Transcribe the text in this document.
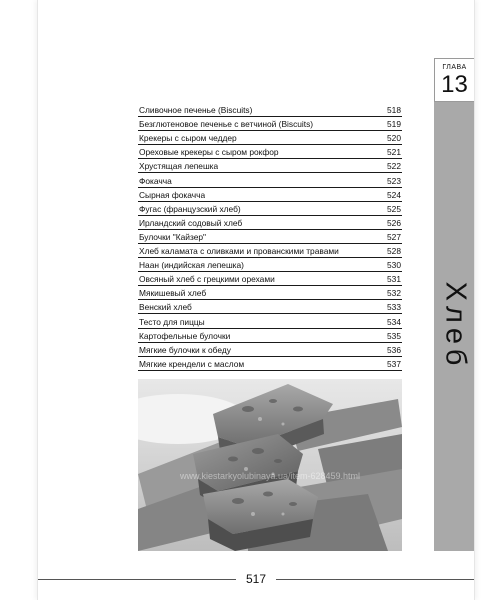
Сливочное печенье (Biscuits)	518
Безглютеновое печенье с ветчиной (Biscuits)	519
Крекеры с сыром чеддер	520
Ореховые крекеры с сыром рокфор	521
Хрустящая лепешка	522
Фокачча	523
Сырная фокачча	524
Фугас (французский хлеб)	525
Ирландский содовый хлеб	526
Булочки "Кайзер"	527
Хлеб каламата с оливками и прованскими травами	528
Наан (индийская лепешка)	530
Овсяный хлеб с грецкими орехами	531
Мякишевый хлеб	532
Венский хлеб	533
Тесто для пиццы	534
Картофельные булочки	535
Мягкие булочки к обеду	536
Мягкие крендели с маслом	537
www.kiestarkyolubinaya.ua/item-628459.html
ГЛАВА
13
Хлеб
517
